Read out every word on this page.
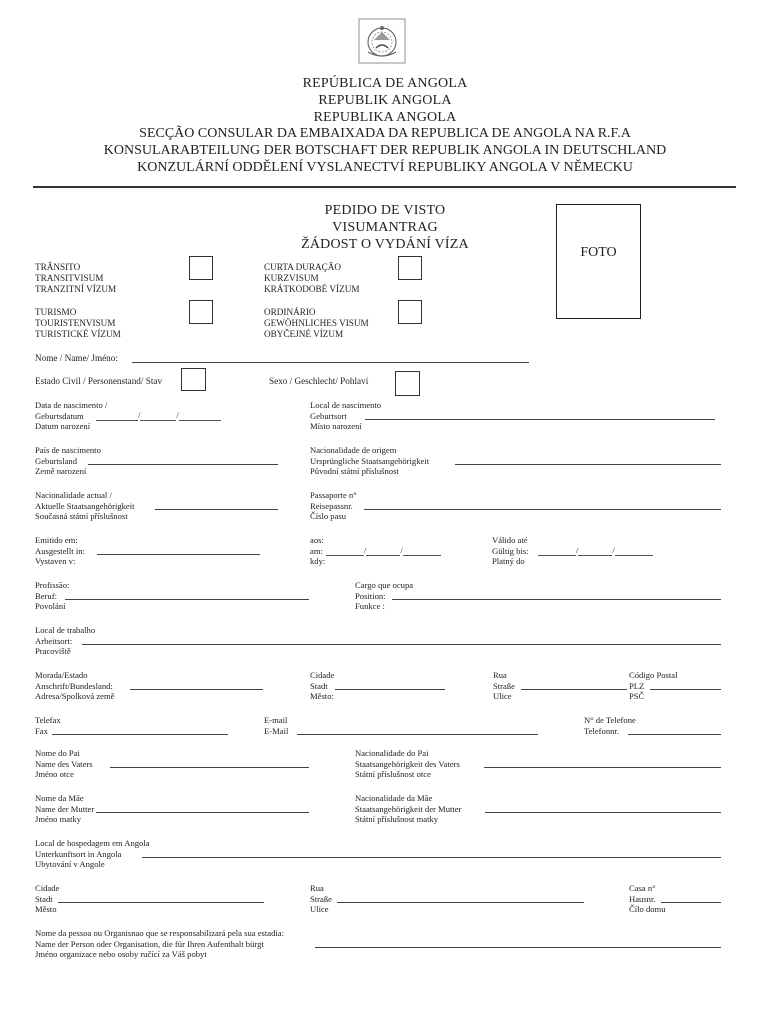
REPÚBLICA DE ANGOLA
REPUBLIK ANGOLA
REPUBLIKA ANGOLA
SECÇÃO CONSULAR DA EMBAIXADA DA REPUBLICA DE ANGOLA NA R.F.A
KONSULARABTEILUNG DER BOTSCHAFT DER REPUBLIK ANGOLA IN DEUTSCHLAND
KONZULÁRNÍ ODDĚLENÍ VYSLANECTVÍ REPUBLIKY ANGOLA V NĚMECKU
PEDIDO DE VISTO
VISUMANTRAG
ŽÁDOST O VYDÁNÍ VÍZA
FOTO
TRÂNSITO
TRANSITVISUM
TRANZITNÍ VÍZUM
CURTA DURAÇÃO
KURZVISUM
KRÁTKODOBÉ VÍZUM
TURISMO
TOURISTENVISUM
TURISTICKÉ VÍZUM
ORDINÁRIO
GEWÖHNLICHES VISUM
OBYČEJNÉ VÍZUM
Nome / Name/ Jméno:
Estado Civil / Personenstand/ Stav	Sexo / Geschlecht/ Pohlaví
Data de nascimento /
Geburtsdatum
Datum narození
/	/
Local de nascimento
Geburtsort
Místo narození
País de nascimento
Geburtsland
Země narození
Nacionalidade de origem
Ursprüngliche Staatsangehörigkeit
Původní státní příslušnost
Nacionalidade actual /
Aktuelle Staatsangehörigkeit
Současná státní příslušnost
Passaporte n°
Reisepassnr.
Číslo pasu
Emitido em:
Ausgestellt in:
Vystaven v:
aos:
am:
kdy:
/	/
Válido até
Gültig bis:
Platný do
/	/
Profissão:
Beruf:
Povolání
Cargo que ocupa
Position:
Funkce :
Local de trabalho
Arbeitsort:
Pracoviště
Morada/Estado
Anschrift/Bundesland:
Adresa/Spolková země
Cidade
Stadt
Město:
Rua
Straße
Ulice
Código Postal
PLZ
PSČ
Telefax
Fax
E-mail
E-Mail
N° de Telefone
Telefonnr.
Nome do Pai
Name des Vaters
Jméno otce
Nacionalidade do Pai
Staatsangehörigkeit des Vaters
Státní příslušnost otce
Nome da Mãe
Name der Mutter
Jméno matky
Nacionalidade da Mãe
Staatsangehörigkeit der Mutter
Státní příslušnost matky
Local de hospedagem em Angola
Unterkunftsort in Angola
Ubytování v Angole
Cidade
Stadt
Město
Rua
Straße
Ulice
Casa n°
Hausnr.
Čílo domu
Nome da pessoa ou Organisnao que se responsabilizará pela sua estadia:
Name der Person oder Organisation, die für Ihren Aufenthalt bürgt
Jméno organizace nebo osoby ručící za Váš pobyt
